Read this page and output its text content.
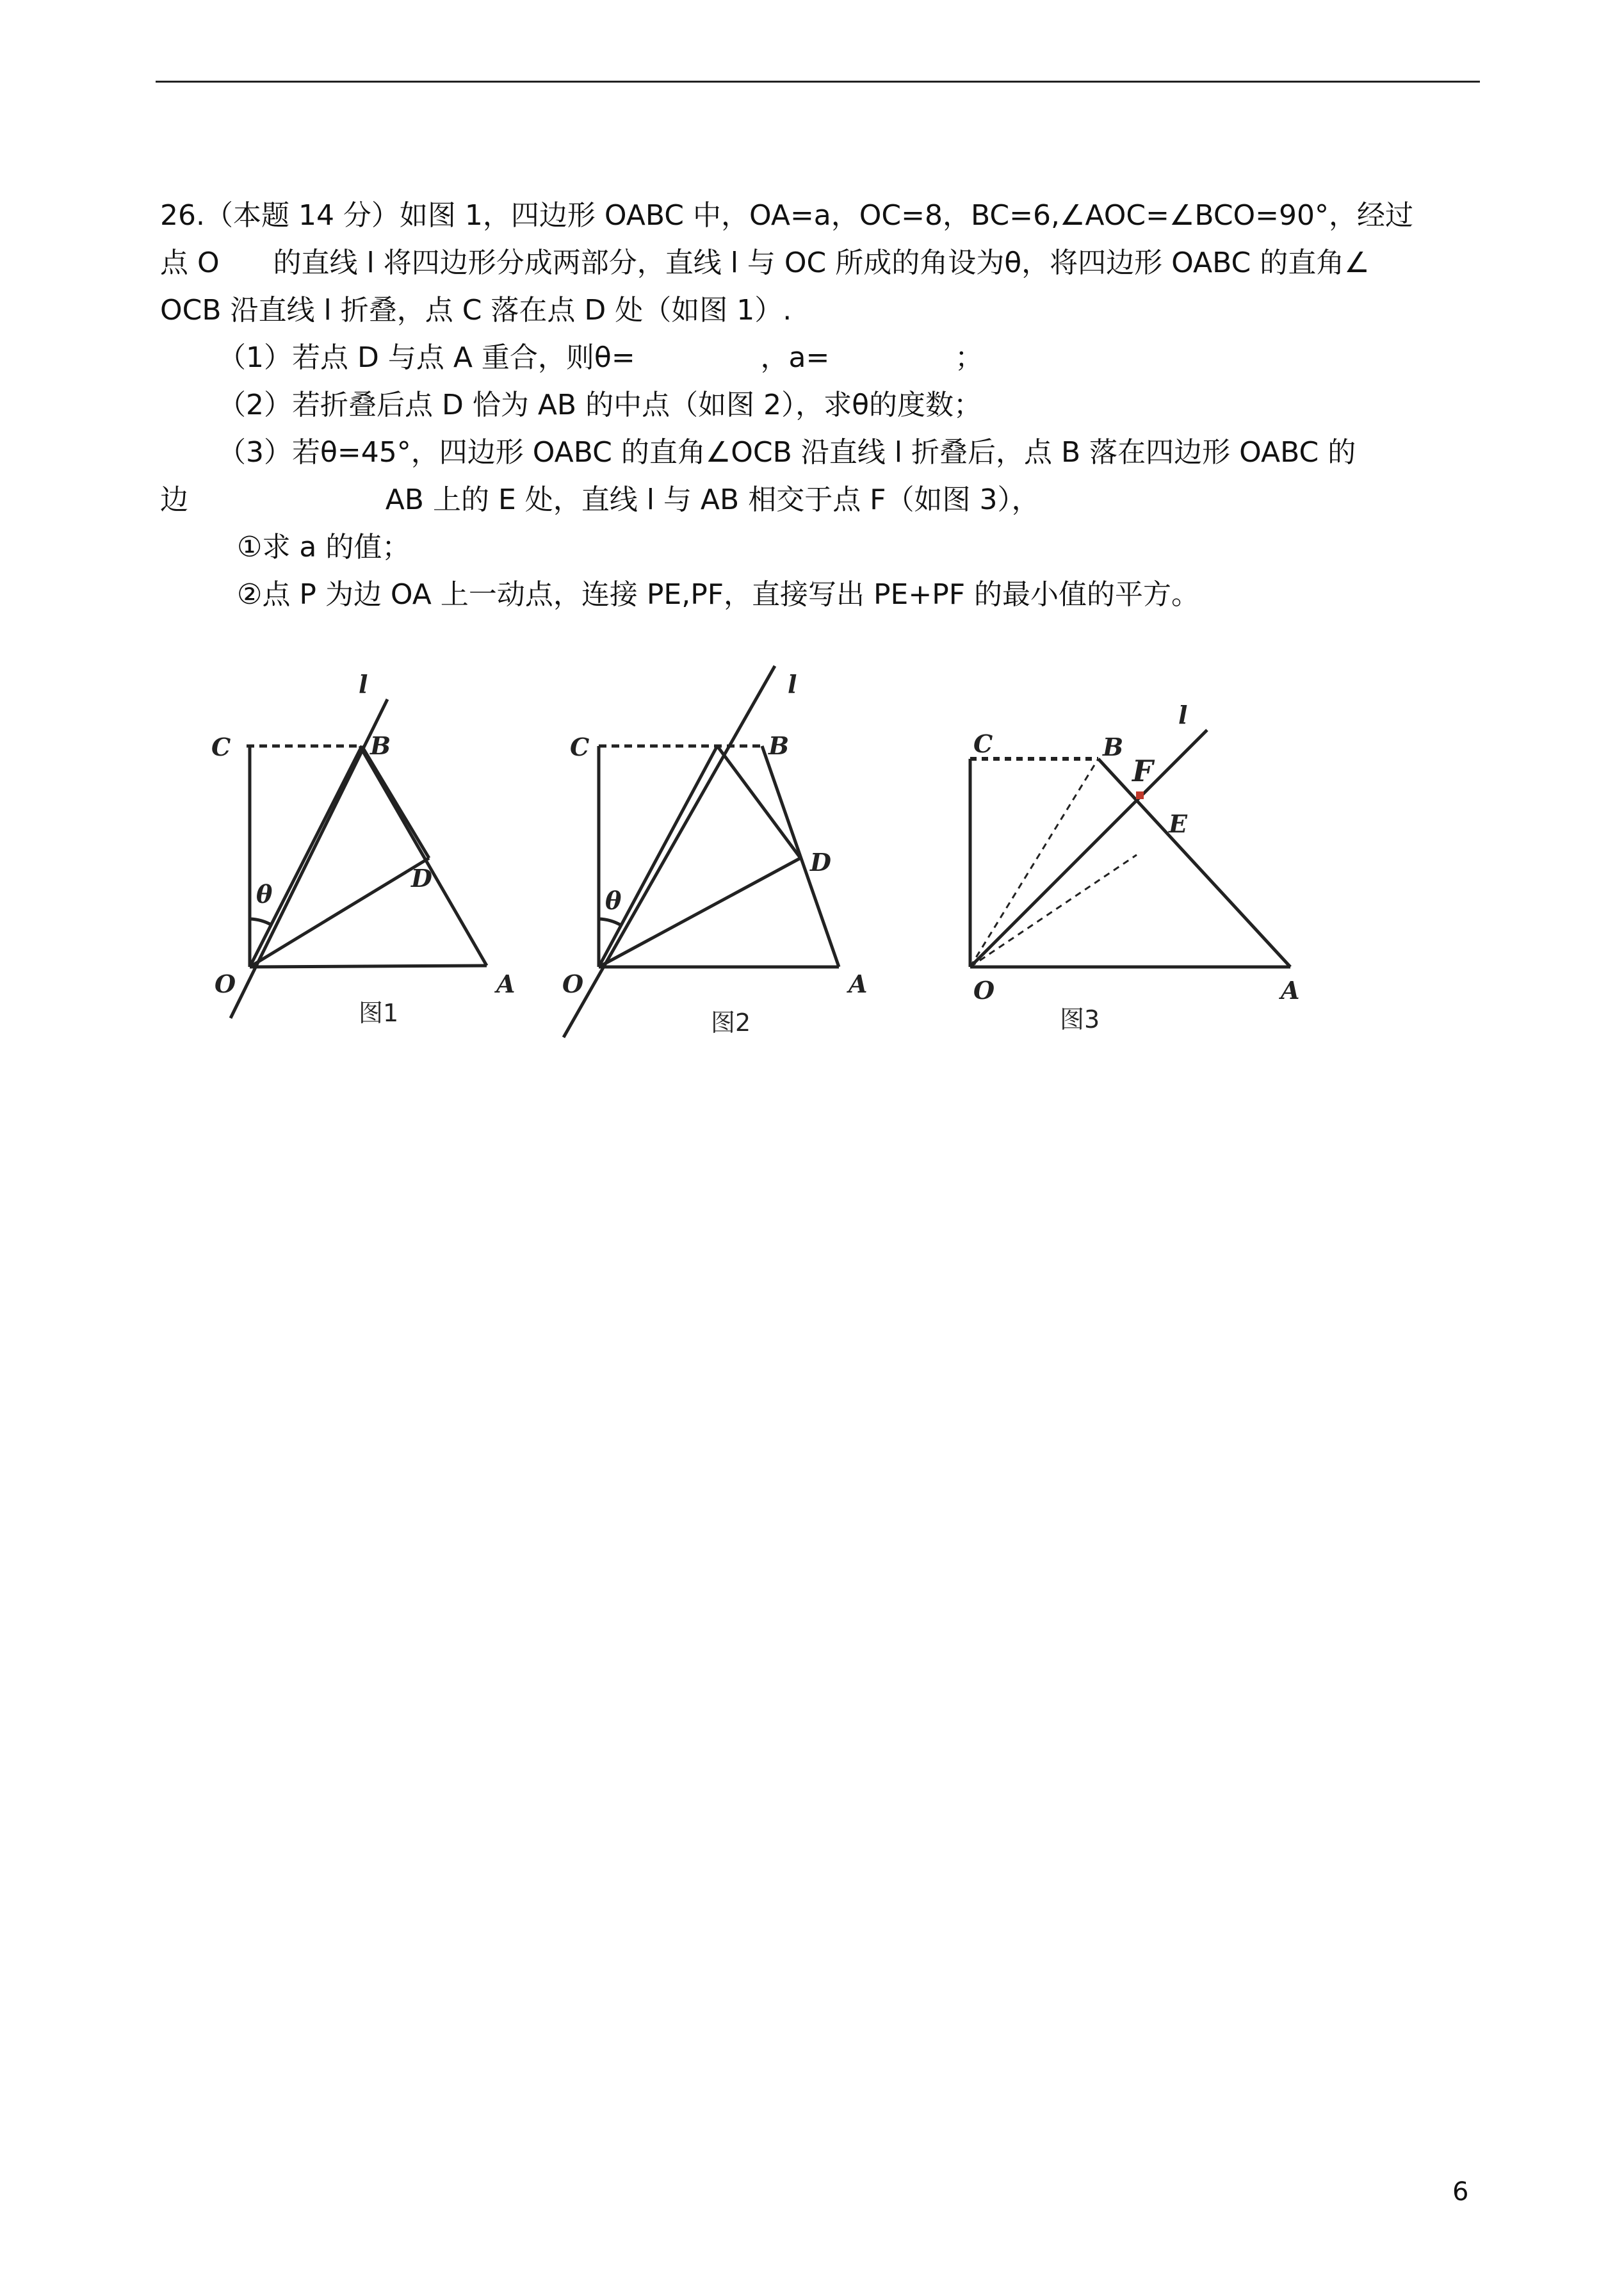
26.（本题 14 分）如图 1，四边形 OABC 中，OA=a，OC=8，BC=6,∠AOC=∠BCO=90°，经过
点 O      的直线 l 将四边形分成两部分，直线 l 与 OC 所成的角设为θ，将四边形 OABC 的直角∠
OCB 沿直线 l 折叠，点 C 落在点 D 处（如图 1）.
（1）若点 D 与点 A 重合，则θ=              ，a=              ；
（2）若折叠后点 D 恰为 AB 的中点（如图 2），求θ的度数；
（3）若θ=45°，四边形 OABC 的直角∠OCB 沿直线 l 折叠后，点 B 落在四边形 OABC 的
边                      AB 上的 E 处，直线 l 与 AB 相交于点 F（如图 3），
①求 a 的值；
②点 P 为边 OA 上一动点，连接 PE,PF，直接写出 PE+PF 的最小值的平方。
C	B
l
θ
D
O	A
图1
C	B
l
θ
D
O	A
图2
C	B
F
l
E
O	A
图3
6
